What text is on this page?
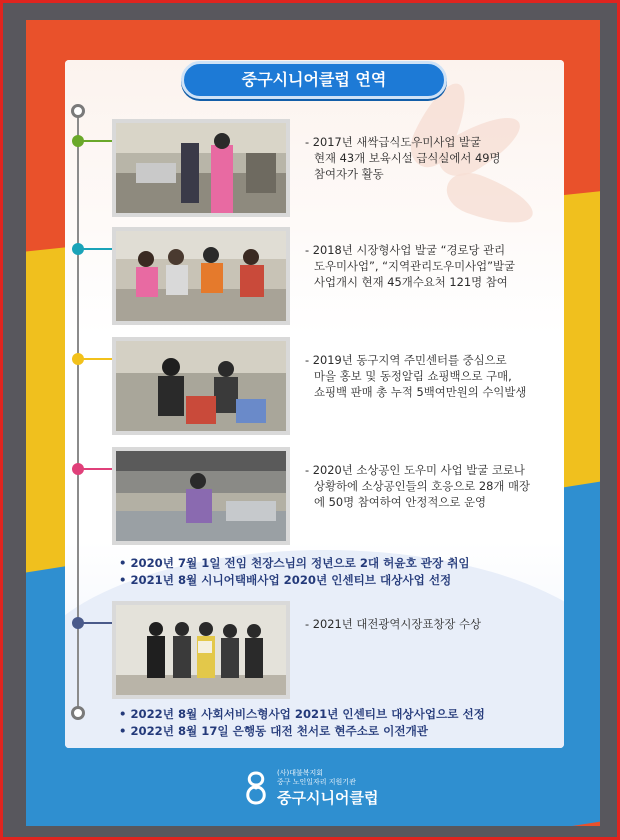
중구시니어클럽 연역
- 2017년 새싹급식도우미사업 발굴
현재 43개 보육시설 급식실에서 49명
참여자가 활동
- 2018년 시장형사업 발굴 “경로당 관리
도우미사업”, “지역관리도우미사업”발굴
사업개시 현재 45개수요처 121명 참여
- 2019년 동구지역 주민센터를 중심으로
마을 홍보 및 동정알림 쇼핑백으로 구매,
쇼핑백 판매 총 누적 5백여만원의 수익발생
- 2020년 소상공인 도우미 사업 발굴 코로나
상황하에 소상공인들의 호응으로 28개 매장
에 50명 참여하여 안정적으로 운영
• 2020년 7월 1일 전임 천장스님의 정년으로 2대 허윤호 관장 취임
• 2021년 8월 시니어택배사업 2020년 인센티브 대상사업 선정
- 2021년 대전광역시장표창장 수상
• 2022년 8월 사회서비스형사업 2021년 인센티브 대상사업으로 선정
• 2022년 8월 17일 은행동 대전 천서로 현주소로 이전개관
(사)대불복지회
중구 노인일자리 지원기관
중구시니어클럽
